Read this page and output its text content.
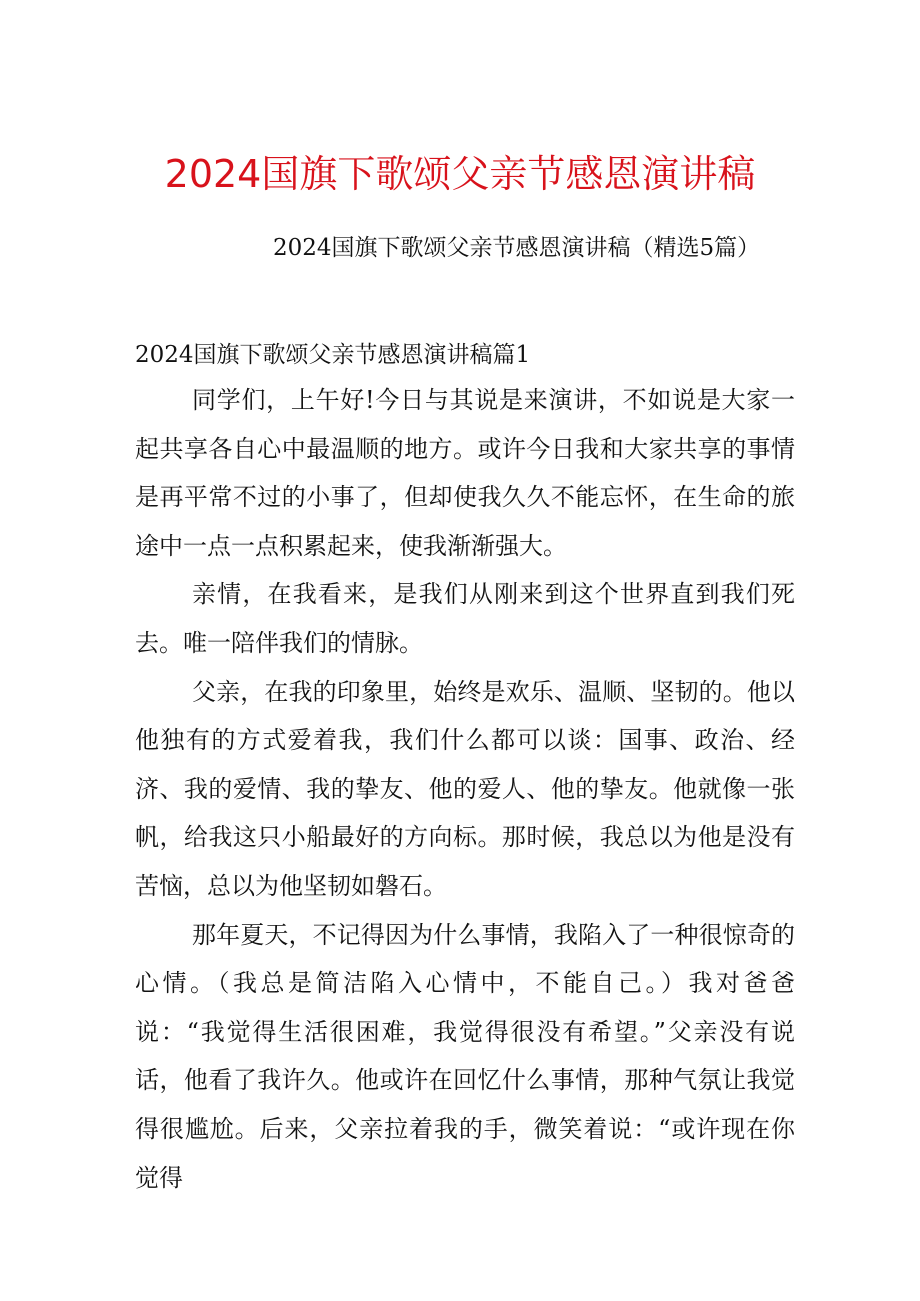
2024国旗下歌颂父亲节感恩演讲稿
2024国旗下歌颂父亲节感恩演讲稿（精选5篇）
2024国旗下歌颂父亲节感恩演讲稿篇1

同学们，上午好!今日与其说是来演讲，不如说是大家一起共享各自心中最温顺的地方。或许今日我和大家共享的事情是再平常不过的小事了，但却使我久久不能忘怀，在生命的旅途中一点一点积累起来，使我渐渐强大。

亲情，在我看来，是我们从刚来到这个世界直到我们死去。唯一陪伴我们的情脉。

父亲，在我的印象里，始终是欢乐、温顺、坚韧的。他以他独有的方式爱着我，我们什么都可以谈：国事、政治、经济、我的爱情、我的挚友、他的爱人、他的挚友。他就像一张帆，给我这只小船最好的方向标。那时候，我总以为他是没有苦恼，总以为他坚韧如磐石。

那年夏天，不记得因为什么事情，我陷入了一种很惊奇的心情。（我总是简洁陷入心情中，不能自己。）我对爸爸说：“我觉得生活很困难，我觉得很没有希望。”父亲没有说话，他看了我许久。他或许在回忆什么事情，那种气氛让我觉得很尴尬。后来，父亲拉着我的手，微笑着说：“或许现在你觉得
